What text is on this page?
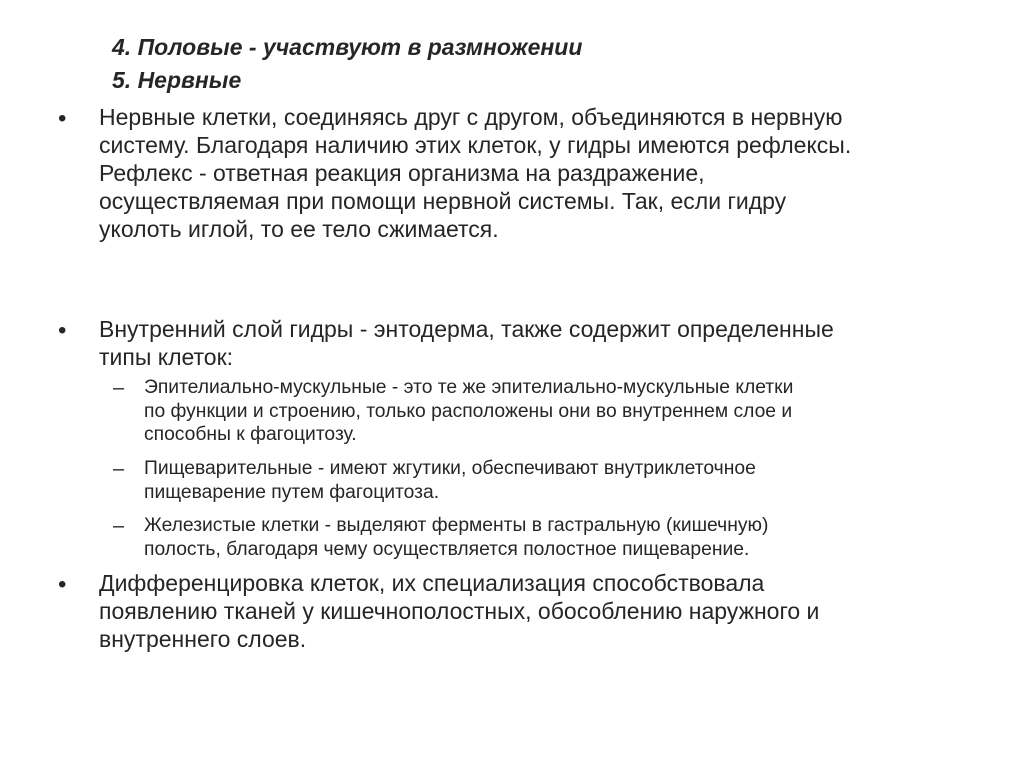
4. Половые - участвуют в размножении
5. Нервные
•	Нервные клетки, соединяясь друг с другом, объединяются в нервную
систему. Благодаря наличию этих клеток, у гидры имеются рефлексы.
Рефлекс - ответная реакция организма на раздражение,
осуществляемая при помощи нервной системы. Так, если гидру
уколоть иглой, то ее тело сжимается.
•	Внутренний слой гидры - энтодерма, также содержит определенные
типы клеток:
–	Эпителиально-мускульные - это те же эпителиально-мускульные клетки
по функции и строению, только расположены они во внутреннем слое и
способны к фагоцитозу.
–	Пищеварительные - имеют жгутики, обеспечивают внутриклеточное
пищеварение путем фагоцитоза.
–	Железистые клетки - выделяют ферменты в гастральную (кишечную)
полость, благодаря чему осуществляется полостное пищеварение.
•	Дифференцировка клеток, их специализация способствовала
появлению тканей у кишечнополостных, обособлению наружного и
внутреннего слоев.
